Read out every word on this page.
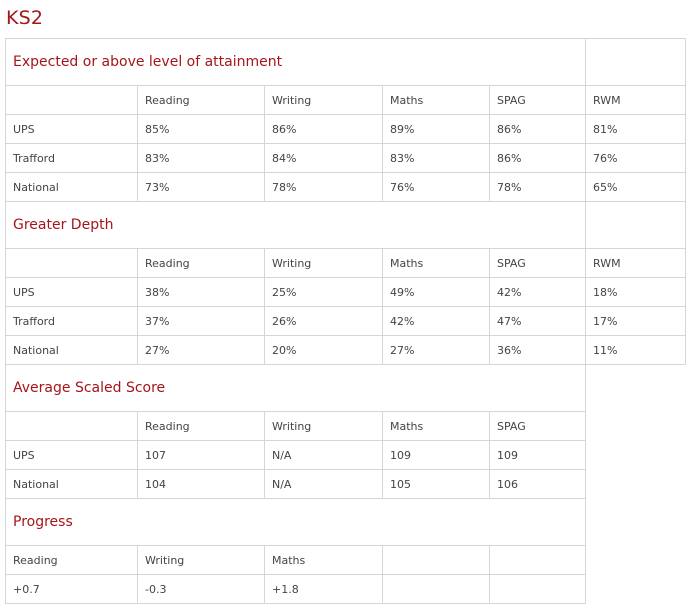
KS2
Expected or above level of attainment
Reading	Writing	Maths	SPAG	RWM
UPS	85%	86%	89%	86%	81%
Trafford	83%	84%	83%	86%	76%
National	73%	78%	76%	78%	65%
Greater Depth
Reading	Writing	Maths	SPAG	RWM
UPS	38%	25%	49%	42%	18%
Trafford	37%	26%	42%	47%	17%
National	27%	20%	27%	36%	11%
Average Scaled Score
Reading	Writing	Maths	SPAG
UPS	107	N/A	109	109
National	104	N/A	105	106
Progress
Reading	Writing	Maths
+0.7	-0.3	+1.8
